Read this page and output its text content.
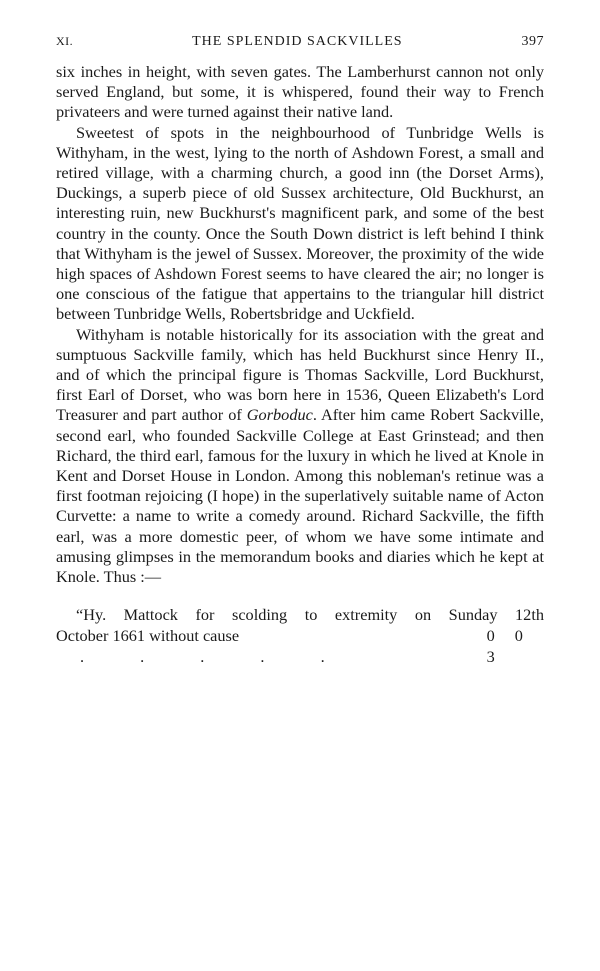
XI.	THE SPLENDID SACKVILLES	397

six inches in height, with seven gates. The Lamberhurst cannon not only served England, but some, it is whispered, found their way to French privateers and were turned against their native land.

Sweetest of spots in the neighbourhood of Tunbridge Wells is Withyham, in the west, lying to the north of Ashdown Forest, a small and retired village, with a charming church, a good inn (the Dorset Arms), Duckings, a superb piece of old Sussex architecture, Old Buckhurst, an interesting ruin, new Buckhurst's magnificent park, and some of the best country in the county. Once the South Down district is left behind I think that Withyham is the jewel of Sussex. Moreover, the proximity of the wide high spaces of Ashdown Forest seems to have cleared the air; no longer is one conscious of the fatigue that appertains to the triangular hill district between Tunbridge Wells, Robertsbridge and Uckfield.

Withyham is notable historically for its association with the great and sumptuous Sackville family, which has held Buckhurst since Henry II., and of which the principal figure is Thomas Sackville, Lord Buckhurst, first Earl of Dorset, who was born here in 1536, Queen Elizabeth's Lord Treasurer and part author of Gorboduc. After him came Robert Sackville, second earl, who founded Sackville College at East Grinstead; and then Richard, the third earl, famous for the luxury in which he lived at Knole in Kent and Dorset House in London. Among this nobleman's retinue was a first footman rejoicing (I hope) in the superlatively suitable name of Acton Curvette: a name to write a comedy around. Richard Sackville, the fifth earl, was a more domestic peer, of whom we have some intimate and amusing glimpses in the memorandum books and diaries which he kept at Knole. Thus :—

“Hy. Mattock for scolding to extremity on Sunday 12th
October 1661 without cause. . . . .
0 0 3
